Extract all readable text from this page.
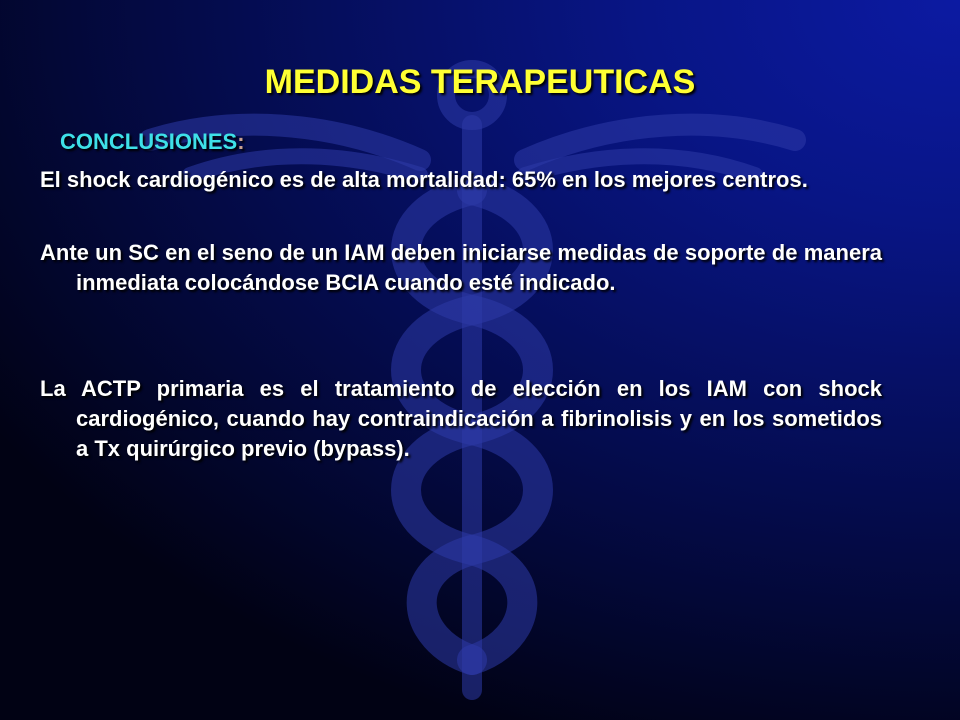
MEDIDAS TERAPEUTICAS
CONCLUSIONES:

El shock cardiogénico es de alta mortalidad: 65% en los mejores centros.

Ante un SC en el seno de un IAM deben iniciarse medidas de soporte de manera inmediata colocándose BCIA cuando esté indicado.

La ACTP primaria es el tratamiento de elección en los IAM con shock cardiogénico, cuando hay contraindicación a fibrinolisis y en los sometidos a Tx quirúrgico previo (bypass).
